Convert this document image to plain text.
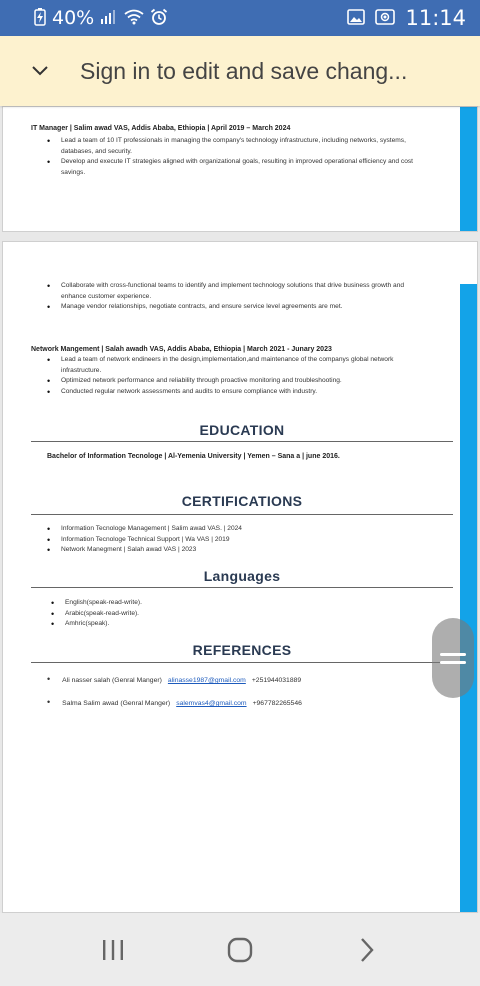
40%	11:14
Sign in to edit and save chang...
IT Manager | Salim awad VAS, Addis Ababa, Ethiopia | April 2019 – March 2024
• Lead a team of 10 IT professionals in managing the company's technology infrastructure, including networks, systems,
databases, and security.
• Develop and execute IT strategies aligned with organizational goals, resulting in improved operational efficiency and cost
savings.
• Collaborate with cross-functional teams to identify and implement technology solutions that drive business growth and
enhance customer experience.
• Manage vendor relationships, negotiate contracts, and ensure service level agreements are met.
Network Mangement | Salah awadh VAS, Addis Ababa, Ethiopia | March 2021 - Junary 2023
• Lead a team of network endineers in the design,implementation,and maintenance of the companys global network
infrastructure.
• Optimized network performance and reliability through proactive monitoring and troubleshooting.
• Conducted regular network assessments and audits to ensure compliance with industry.
EDUCATION
Bachelor of Information Tecnologe | Al-Yemenia University | Yemen – Sana a | june 2016.
CERTIFICATIONS
• Information Tecnologe Management | Salim awad VAS. | 2024
• Information Tecnologe Technical Support | Wa VAS | 2019
• Network Manegment | Salah awad VAS | 2023
Languages
• English(speak-read-write).
• Arabic(speak-read-write).
• Amhric(speak).
REFERENCES
• Ali nasser salah (Genral Manger) alinasse1987@gmail.com +251944031889
• Salma Salim awad (Genral Manger) salemvas4@gmail.com +967782265546
